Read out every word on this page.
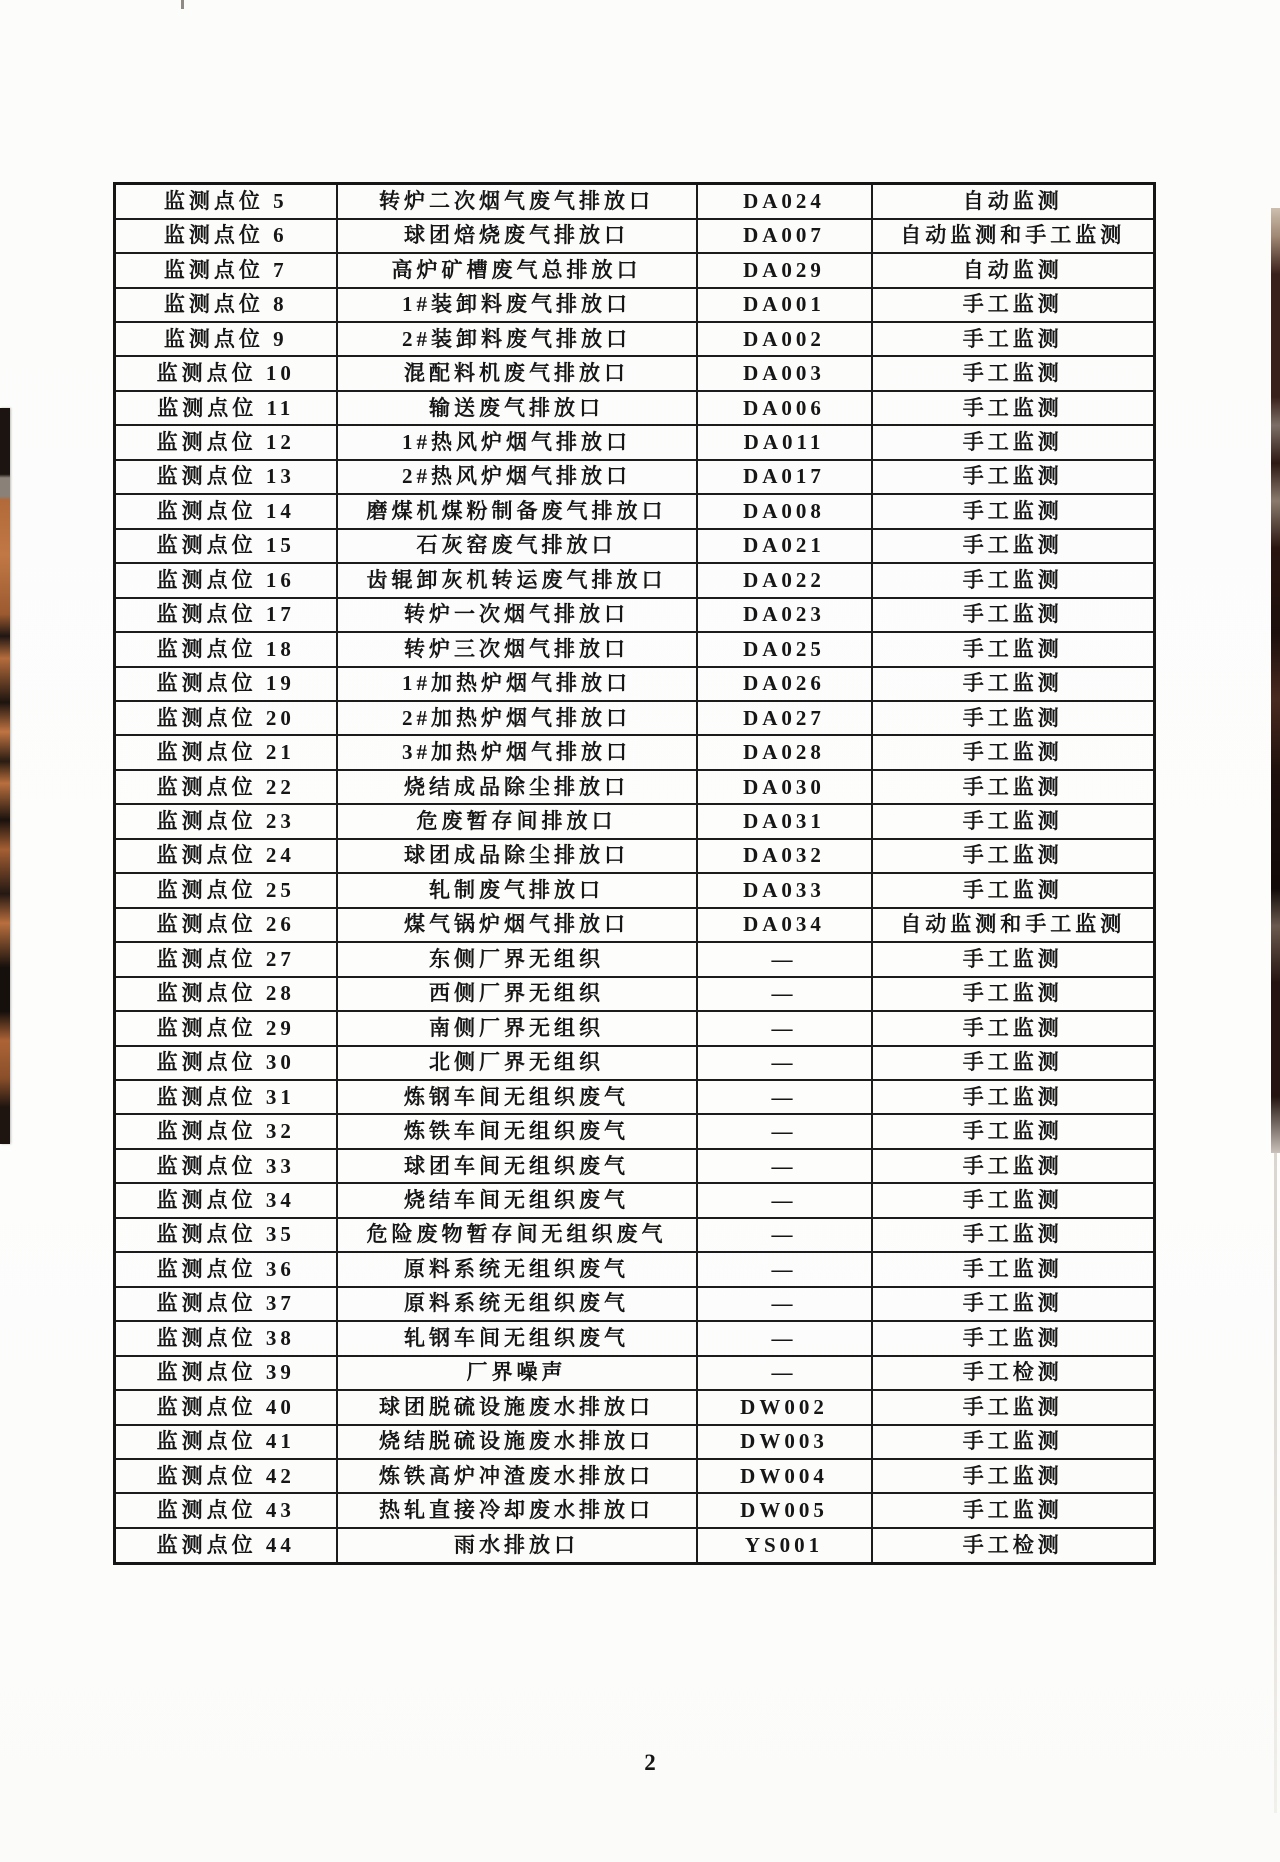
监测点位 5	转炉二次烟气废气排放口	DA024	自动监测
监测点位 6	球团焙烧废气排放口	DA007	自动监测和手工监测
监测点位 7	高炉矿槽废气总排放口	DA029	自动监测
监测点位 8	1#装卸料废气排放口	DA001	手工监测
监测点位 9	2#装卸料废气排放口	DA002	手工监测
监测点位 10	混配料机废气排放口	DA003	手工监测
监测点位 11	输送废气排放口	DA006	手工监测
监测点位 12	1#热风炉烟气排放口	DA011	手工监测
监测点位 13	2#热风炉烟气排放口	DA017	手工监测
监测点位 14	磨煤机煤粉制备废气排放口	DA008	手工监测
监测点位 15	石灰窑废气排放口	DA021	手工监测
监测点位 16	齿辊卸灰机转运废气排放口	DA022	手工监测
监测点位 17	转炉一次烟气排放口	DA023	手工监测
监测点位 18	转炉三次烟气排放口	DA025	手工监测
监测点位 19	1#加热炉烟气排放口	DA026	手工监测
监测点位 20	2#加热炉烟气排放口	DA027	手工监测
监测点位 21	3#加热炉烟气排放口	DA028	手工监测
监测点位 22	烧结成品除尘排放口	DA030	手工监测
监测点位 23	危废暂存间排放口	DA031	手工监测
监测点位 24	球团成品除尘排放口	DA032	手工监测
监测点位 25	轧制废气排放口	DA033	手工监测
监测点位 26	煤气锅炉烟气排放口	DA034	自动监测和手工监测
监测点位 27	东侧厂界无组织	—	手工监测
监测点位 28	西侧厂界无组织	—	手工监测
监测点位 29	南侧厂界无组织	—	手工监测
监测点位 30	北侧厂界无组织	—	手工监测
监测点位 31	炼钢车间无组织废气	—	手工监测
监测点位 32	炼铁车间无组织废气	—	手工监测
监测点位 33	球团车间无组织废气	—	手工监测
监测点位 34	烧结车间无组织废气	—	手工监测
监测点位 35	危险废物暂存间无组织废气	—	手工监测
监测点位 36	原料系统无组织废气	—	手工监测
监测点位 37	原料系统无组织废气	—	手工监测
监测点位 38	轧钢车间无组织废气	—	手工监测
监测点位 39	厂界噪声	—	手工检测
监测点位 40	球团脱硫设施废水排放口	DW002	手工监测
监测点位 41	烧结脱硫设施废水排放口	DW003	手工监测
监测点位 42	炼铁高炉冲渣废水排放口	DW004	手工监测
监测点位 43	热轧直接冷却废水排放口	DW005	手工监测
监测点位 44	雨水排放口	YS001	手工检测
2
